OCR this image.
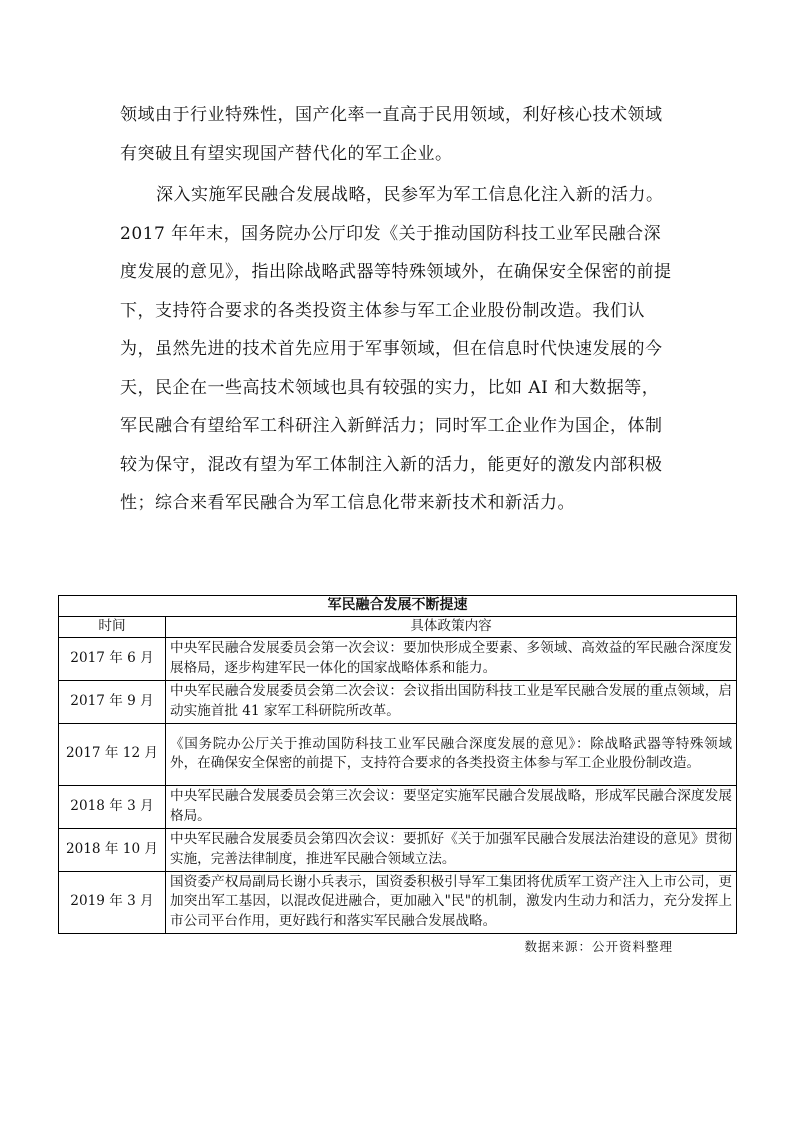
领域由于行业特殊性，国产化率一直高于民用领域，利好核心技术领域有突破且有望实现国产替代化的军工企业。

深入实施军民融合发展战略，民参军为军工信息化注入新的活力。2017 年年末，国务院办公厅印发《关于推动国防科技工业军民融合深度发展的意见》，指出除战略武器等特殊领域外，在确保安全保密的前提下，支持符合要求的各类投资主体参与军工企业股份制改造。我们认为，虽然先进的技术首先应用于军事领域，但在信息时代快速发展的今天，民企在一些高技术领域也具有较强的实力，比如 AI 和大数据等，军民融合有望给军工科研注入新鲜活力；同时军工企业作为国企，体制较为保守，混改有望为军工体制注入新的活力，能更好的激发内部积极性；综合来看军民融合为军工信息化带来新技术和新活力。

军民融合发展不断提速	
时间	具体政策内容
2017 年 6 月	中央军民融合发展委员会第一次会议：要加快形成全要素、多领域、高效益的军民融合深度发展格局，逐步构建军民一体化的国家战略体系和能力。
2017 年 9 月	中央军民融合发展委员会第二次会议：会议指出国防科技工业是军民融合发展的重点领域，启动实施首批 41 家军工科研院所改革。
2017 年 12 月	《国务院办公厅关于推动国防科技工业军民融合深度发展的意见》：除战略武器等特殊领域外，在确保安全保密的前提下，支持符合要求的各类投资主体参与军工企业股份制改造。
2018 年 3 月	中央军民融合发展委员会第三次会议：要坚定实施军民融合发展战略，形成军民融合深度发展格局。
2018 年 10 月	中央军民融合发展委员会第四次会议：要抓好《关于加强军民融合发展法治建设的意见》贯彻实施，完善法律制度，推进军民融合领域立法。
2019 年 3 月	国资委产权局副局长谢小兵表示，国资委积极引导军工集团将优质军工资产注入上市公司，更加突出军工基因，以混改促进融合，更加融入"民"的机制，激发内生动力和活力，充分发挥上市公司平台作用，更好践行和落实军民融合发展战略。
数据来源：公开资料整理
